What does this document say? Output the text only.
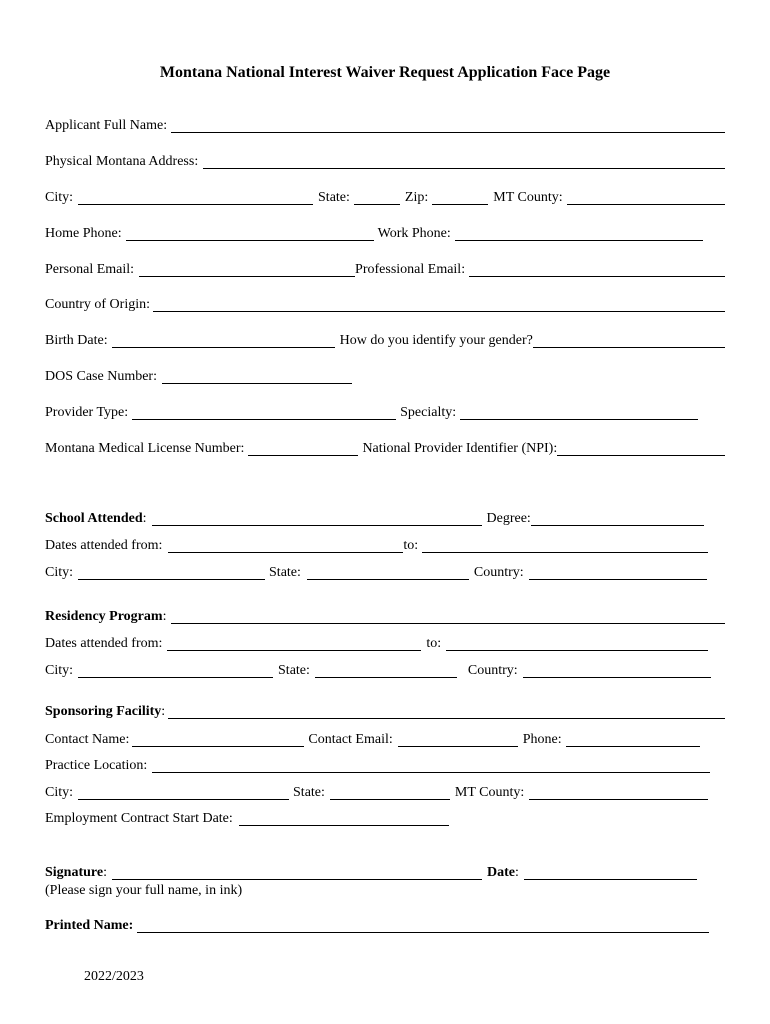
Montana National Interest Waiver Request Application Face Page
Applicant Full Name:
Physical Montana Address:
City:	State:	Zip:	MT County:
Home Phone:	Work Phone:
Personal Email:	Professional Email:
Country of Origin:
Birth Date:	How do you identify your gender?
DOS Case Number:
Provider Type:	Specialty:
Montana Medical License Number:	National Provider Identifier (NPI):
School Attended :	Degree:
Dates attended from:	to:
City:	State:	Country:
Residency Program :
Dates attended from:	to:
City:	State:	Country:
Sponsoring Facility :
Contact Name:	Contact Email:	Phone:
Practice Location:
City:	State:	MT County:
Employment Contract Start Date:
Signature :	Date :
(Please sign your full name, in ink)
Printed Name:
2022/2023
